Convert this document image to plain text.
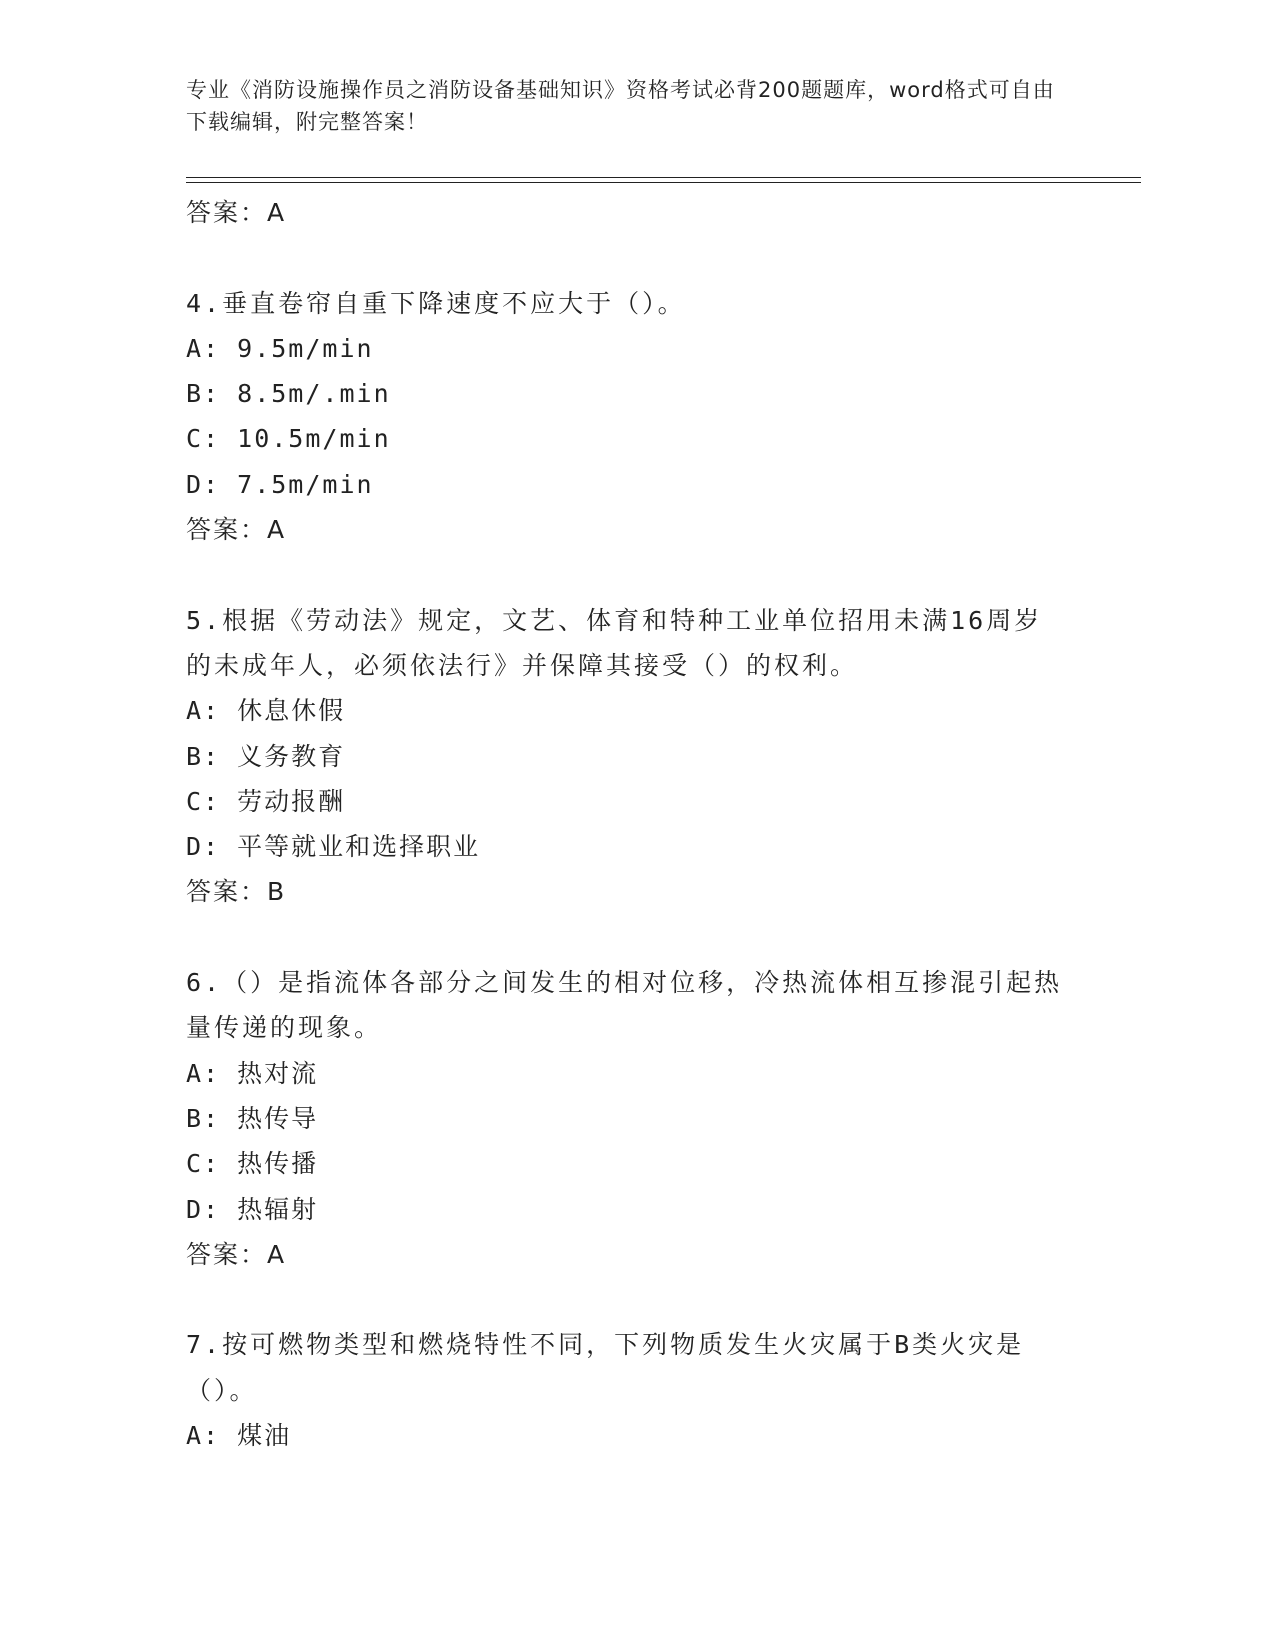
专业《消防设施操作员之消防设备基础知识》资格考试必背200题题库，word格式可自由下载编辑，附完整答案！
答案：A
4.垂直卷帘自重下降速度不应大于（）。
A: 9.5m/min
B: 8.5m/.min
C: 10.5m/min
D: 7.5m/min
答案：A
5.根据《劳动法》规定，文艺、体育和特种工业单位招用未满16周岁的未成年人，必须依法行》并保障其接受（）的权利。
A: 休息休假
B: 义务教育
C: 劳动报酬
D: 平等就业和选择职业
答案：B
6.（）是指流体各部分之间发生的相对位移，冷热流体相互掺混引起热量传递的现象。
A: 热对流
B: 热传导
C: 热传播
D: 热辐射
答案：A
7.按可燃物类型和燃烧特性不同，下列物质发生火灾属于B类火灾是（）。
A: 煤油
